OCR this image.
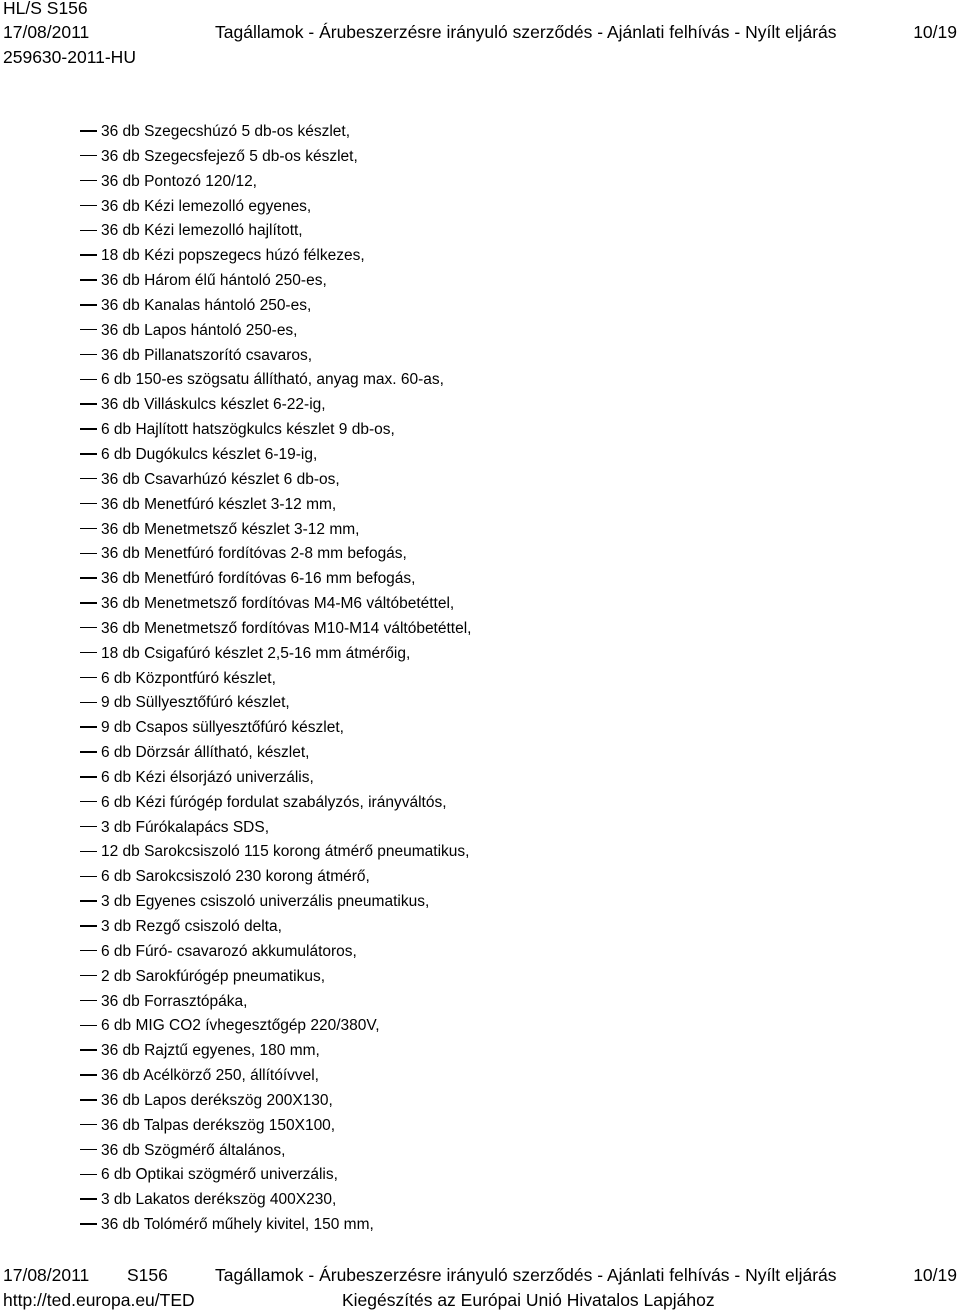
HL/S S156
17/08/2011	Tagállamok - Árubeszerzésre irányuló szerződés - Ajánlati felhívás - Nyílt eljárás	10/19
259630-2011-HU
36 db Szegecshúzó 5 db-os készlet,
36 db Szegecsfejező 5 db-os készlet,
36 db Pontozó 120/12,
36 db Kézi lemezolló egyenes,
36 db Kézi lemezolló hajlított,
18 db Kézi popszegecs húzó félkezes,
36 db Három élű hántoló 250-es,
36 db Kanalas hántoló 250-es,
36 db Lapos hántoló 250-es,
36 db Pillanatszorító csavaros,
6 db 150-es szögsatu állítható, anyag max. 60-as,
36 db Villáskulcs készlet 6-22-ig,
6 db Hajlított hatszögkulcs készlet 9 db-os,
6 db Dugókulcs készlet 6-19-ig,
36 db Csavarhúzó készlet 6 db-os,
36 db Menetfúró készlet 3-12 mm,
36 db Menetmetsző készlet 3-12 mm,
36 db Menetfúró fordítóvas 2-8 mm befogás,
36 db Menetfúró fordítóvas 6-16 mm befogás,
36 db Menetmetsző fordítóvas M4-M6 váltóbetéttel,
36 db Menetmetsző fordítóvas M10-M14 váltóbetéttel,
18 db Csigafúró készlet 2,5-16 mm átmérőig,
6 db Központfúró készlet,
9 db Süllyesztőfúró készlet,
9 db Csapos süllyesztőfúró készlet,
6 db Dörzsár állítható, készlet,
6 db Kézi élsorjázó univerzális,
6 db Kézi fúrógép fordulat szabályzós, irányváltós,
3 db Fúrókalapács SDS,
12 db Sarokcsiszoló 115 korong átmérő pneumatikus,
6 db Sarokcsiszoló 230 korong átmérő,
3 db Egyenes csiszoló univerzális pneumatikus,
3 db Rezgő csiszoló delta,
6 db Fúró- csavarozó akkumulátoros,
2 db Sarokfúrógép pneumatikus,
36 db Forrasztópáka,
6 db MIG CO2 ívhegesztőgép 220/380V,
36 db Rajztű egyenes, 180 mm,
36 db Acélkörző 250, állítóívvel,
36 db Lapos derékszög 200X130,
36 db Talpas derékszög 150X100,
36 db Szögmérő általános,
6 db Optikai szögmérő univerzális,
3 db Lakatos derékszög 400X230,
36 db Tolómérő műhely kivitel, 150 mm,
17/08/2011 S156	Tagállamok - Árubeszerzésre irányuló szerződés - Ajánlati felhívás - Nyílt eljárás	10/19
http://ted.europa.eu/TED	Kiegészítés az Európai Unió Hivatalos Lapjához
